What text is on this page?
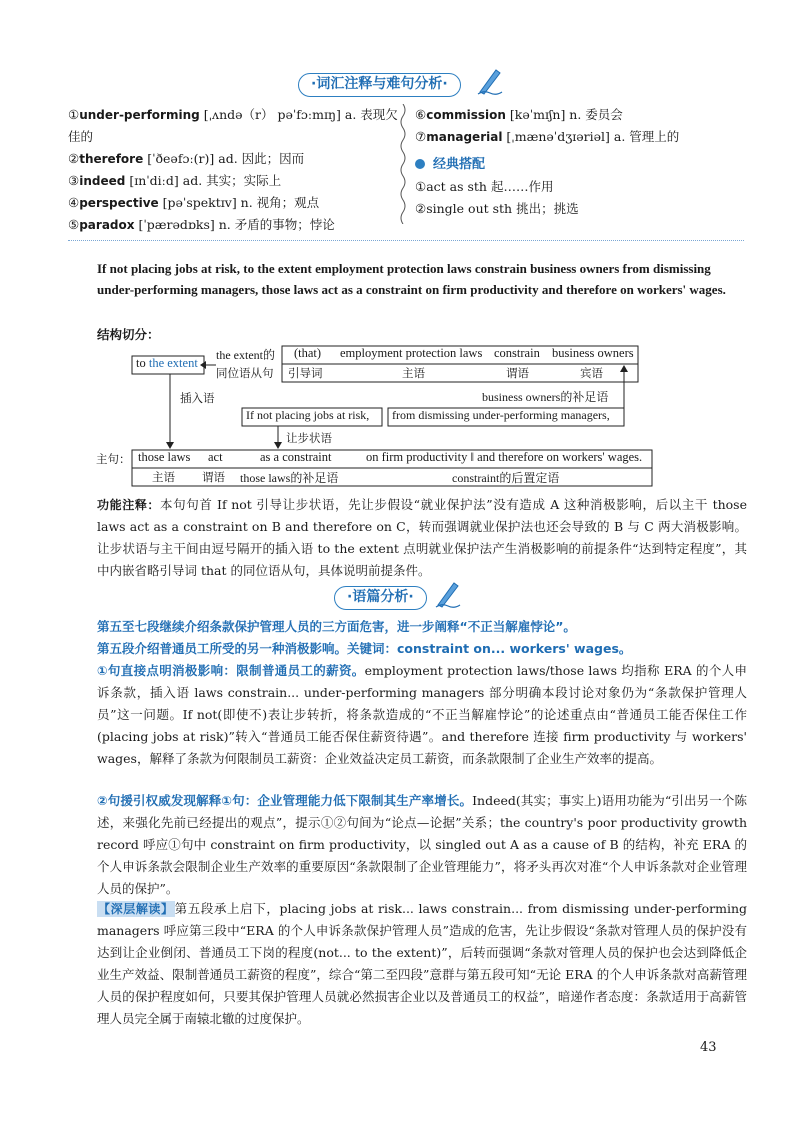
·词汇注释与难句分析·
①under-performing [ˌʌndə（r） pəˈfɔːmɪŋ] a. 表现欠
佳的
②therefore [ˈðeəfɔː(r)] ad. 因此；因而
③indeed [ɪnˈdiːd] ad. 其实；实际上
④perspective [pəˈspektɪv] n. 视角；观点
⑤paradox [ˈpærədɒks] n. 矛盾的事物；悖论
⑥commission [kəˈmɪʃn] n. 委员会
⑦managerial [ˌmænəˈdʒɪəriəl] a. 管理上的
经典搭配
①act as sth 起……作用
②single out sth 挑出；挑选
If not placing jobs at risk, to the extent employment protection laws constrain business owners from dismissing under-performing managers, those laws act as a constraint on firm productivity and therefore on workers' wages.
结构切分：
to the extent
the extent的
同位语从句
(that)
引导词
employment protection laws
主语
constrain
谓语
business owners
宾语
插入语	business owners的补足语
If not placing jobs at risk, from dismissing under-performing managers,
让步状语
主句： those laws
主语
act
谓语
as a constraint
those laws的补足语
on firm productivity ‖ and therefore on workers' wages.
constraint的后置定语
功能注释：本句句首 If not 引导让步状语，先让步假设“就业保护法”没有造成 A 这种消极影响，后以主干 those laws act as a constraint on B and therefore on C，转而强调就业保护法也还会导致的 B 与 C 两大消极影响。让步状语与主干间由逗号隔开的插入语 to the extent 点明就业保护法产生消极影响的前提条件“达到特定程度”，其中内嵌省略引导词 that 的同位语从句，具体说明前提条件。
·语篇分析·
第五至七段继续介绍条款保护管理人员的三方面危害，进一步阐释“不正当解雇悖论”。
第五段介绍普通员工所受的另一种消极影响。关键词：constraint on... workers' wages。
①句直接点明消极影响：限制普通员工的薪资。employment protection laws/those laws 均指称 ERA 的个人申诉条款，插入语 laws constrain... under-performing managers 部分明确本段讨论对象仍为“条款保护管理人员”这一问题。If not(即使不)表让步转折，将条款造成的“不正当解雇悖论”的论述重点由“普通员工能否保住工作(placing jobs at risk)”转入“普通员工能否保住薪资待遇”。and therefore 连接 firm productivity 与 workers' wages，解释了条款为何限制员工薪资：企业效益决定员工薪资，而条款限制了企业生产效率的提高。
②句援引权威发现解释①句：企业管理能力低下限制其生产率增长。Indeed(其实；事实上)语用功能为“引出另一个陈述，来强化先前已经提出的观点”，提示①②句间为“论点—论据”关系；the country's poor productivity growth record 呼应①句中 constraint on firm productivity，以 singled out A as a cause of B 的结构，补充 ERA 的个人申诉条款会限制企业生产效率的重要原因“条款限制了企业管理能力”，将矛头再次对准“个人申诉条款对企业管理人员的保护”。
【深层解读】第五段承上启下，placing jobs at risk... laws constrain... from dismissing under-performing managers 呼应第三段中“ERA 的个人申诉条款保护管理人员”造成的危害，先让步假设“条款对管理人员的保护没有达到让企业倒闭、普通员工下岗的程度(not... to the extent)”，后转而强调“条款对管理人员的保护也会达到降低企业生产效益、限制普通员工薪资的程度”，综合“第二至四段”意群与第五段可知“无论 ERA 的个人申诉条款对高薪管理人员的保护程度如何，只要其保护管理人员就必然损害企业以及普通员工的权益”，暗递作者态度：条款适用于高薪管理人员完全属于南辕北辙的过度保护。
43
